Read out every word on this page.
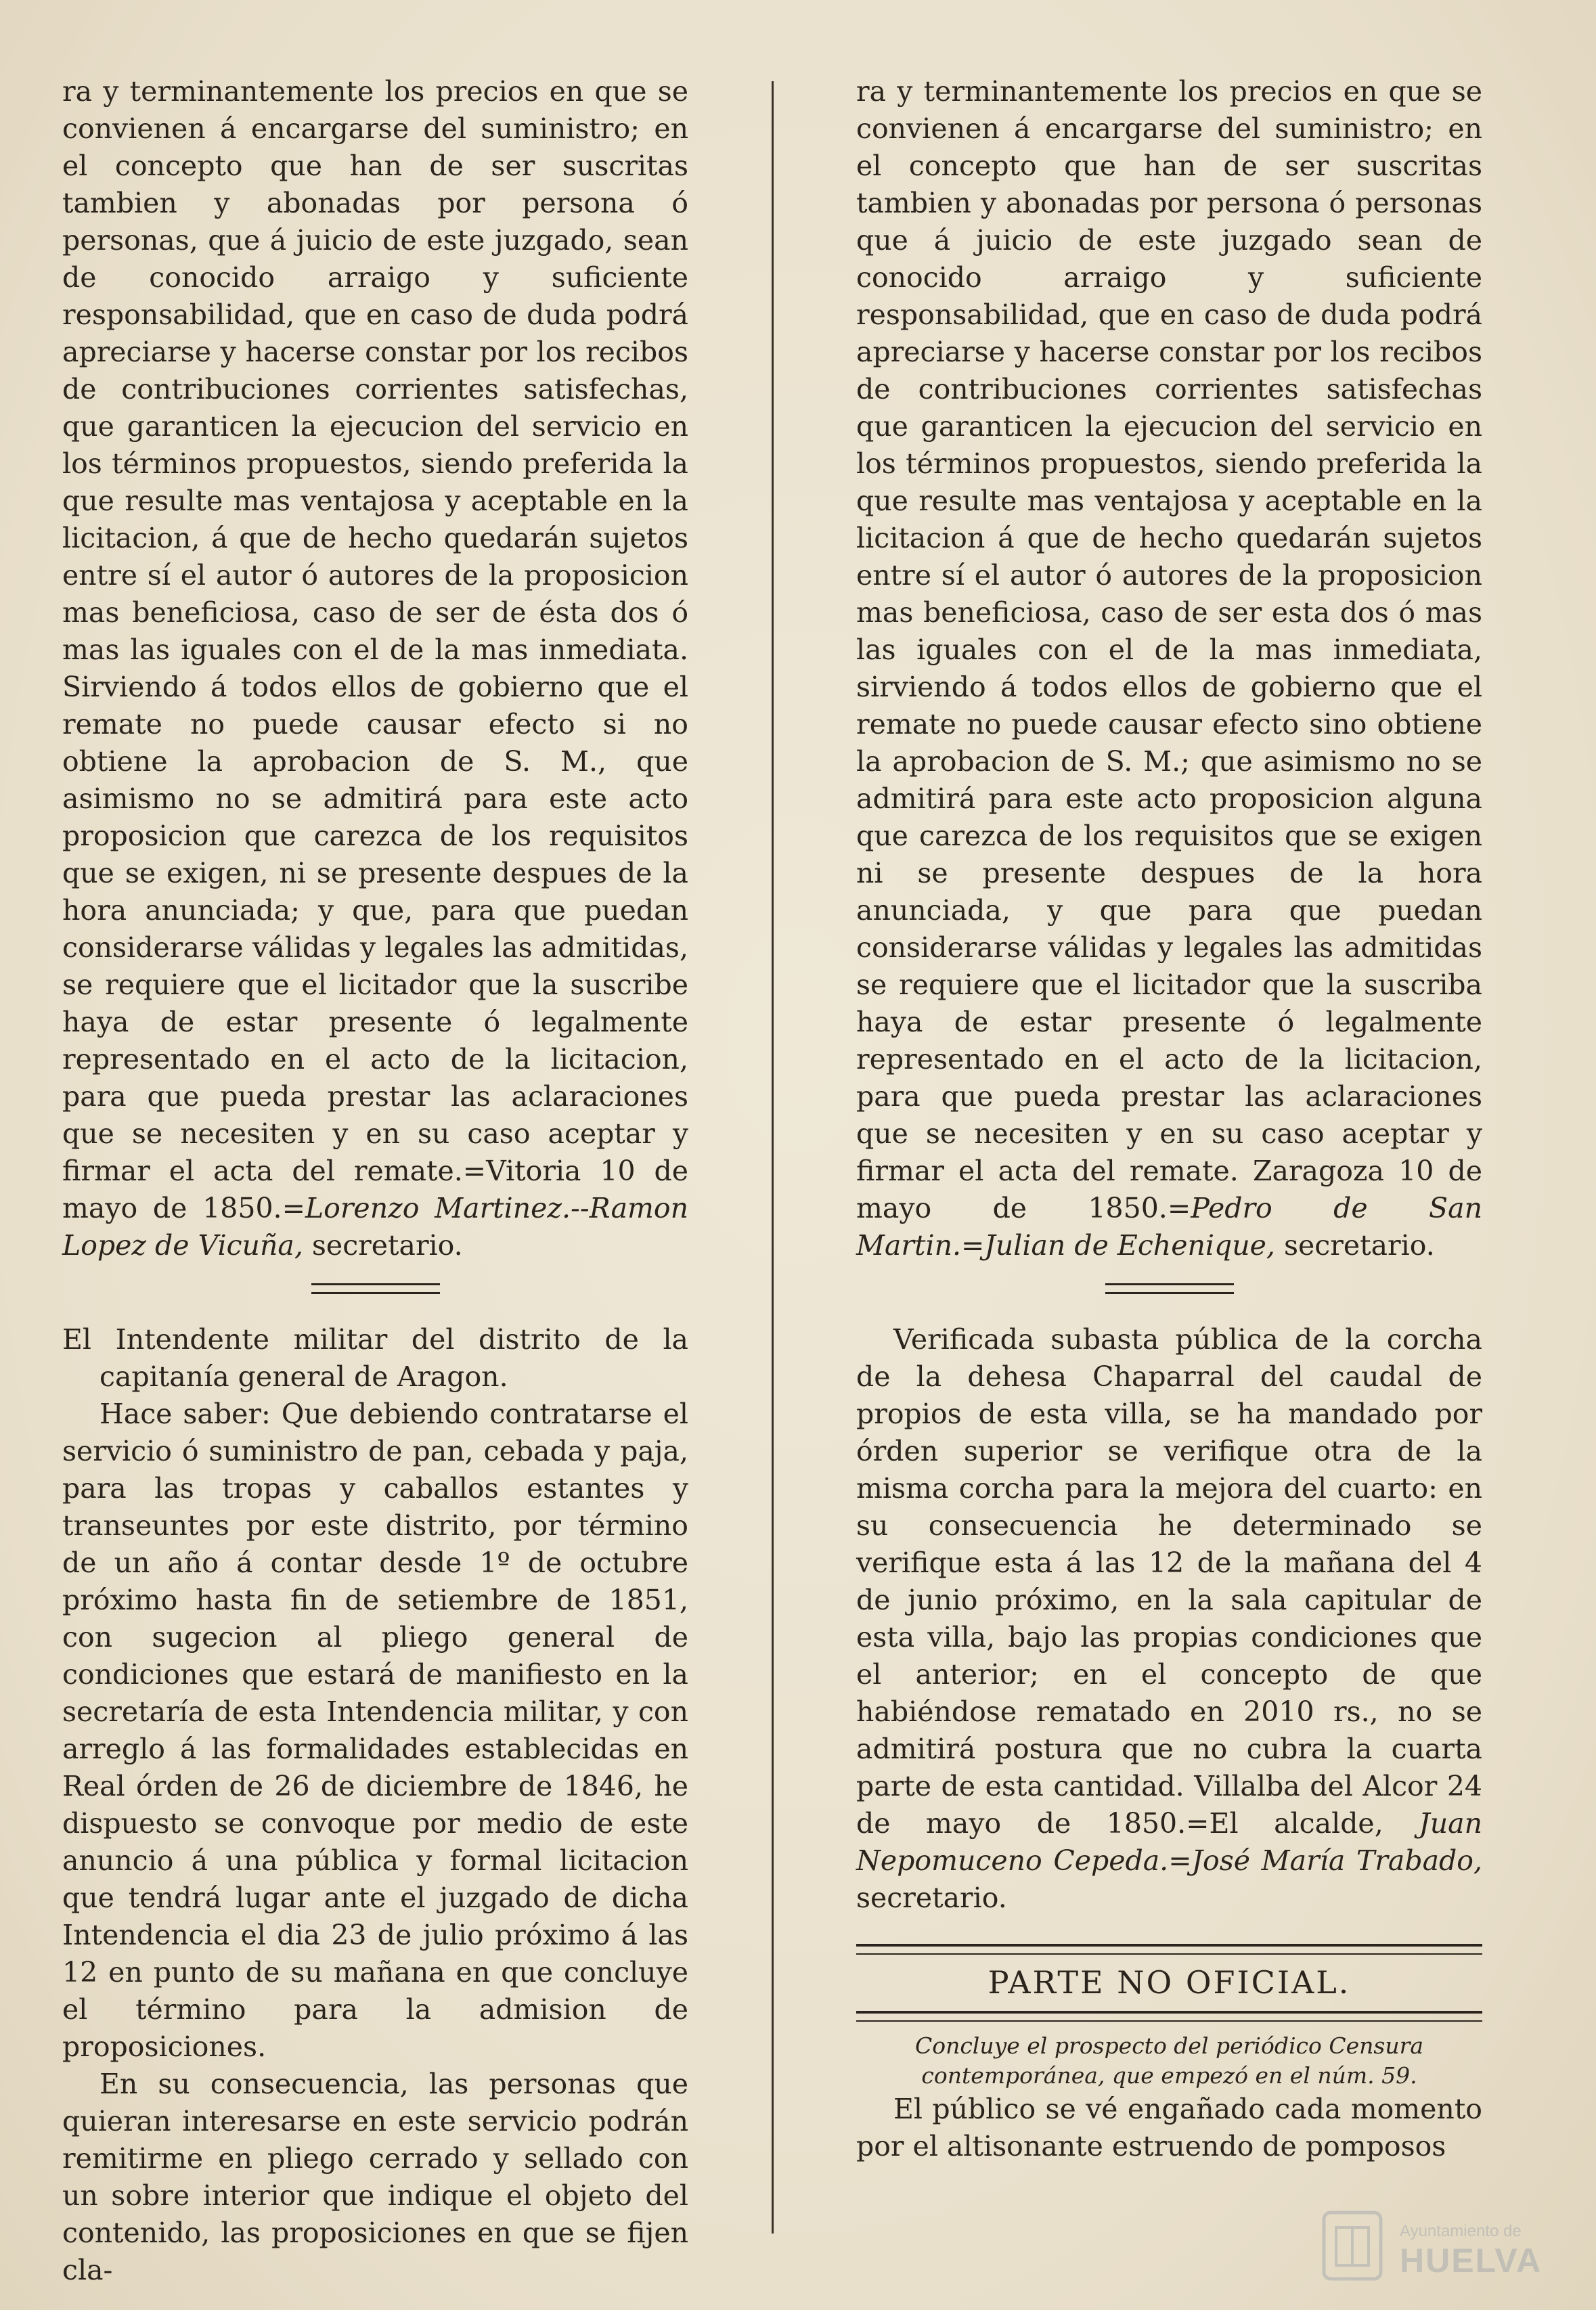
ra y terminantemente los precios en que se convienen á encargarse del suministro; en el concepto que han de ser suscritas tambien y abonadas por persona ó personas, que á juicio de este juzgado, sean de conocido arraigo y suficiente responsabilidad, que en caso de duda podrá apreciarse y hacerse constar por los recibos de contribuciones corrientes satisfechas, que garanticen la ejecucion del servicio en los términos propuestos, siendo preferida la que resulte mas ventajosa y aceptable en la licitacion, á que de hecho quedarán sujetos entre sí el autor ó autores de la proposicion mas beneficiosa, caso de ser de ésta dos ó mas las iguales con el de la mas inmediata. Sirviendo á todos ellos de gobierno que el remate no puede causar efecto si no obtiene la aprobacion de S. M., que asimismo no se admitirá para este acto proposicion que carezca de los requisitos que se exigen, ni se presente despues de la hora anunciada; y que, para que puedan considerarse válidas y legales las admitidas, se requiere que el licitador que la suscribe haya de estar presente ó legalmente representado en el acto de la licitacion, para que pueda prestar las aclaraciones que se necesiten y en su caso aceptar y firmar el acta del remate.=Vitoria 10 de mayo de 1850.=Lorenzo Martinez.--Ramon Lopez de Vicuña, secretario.

El Intendente militar del distrito de la capitanía general de Aragon.

Hace saber: Que debiendo contratarse el servicio ó suministro de pan, cebada y paja, para las tropas y caballos estantes y transeuntes por este distrito, por término de un año á contar desde 1º de octubre próximo hasta fin de setiembre de 1851, con sugecion al pliego general de condiciones que estará de manifiesto en la secretaría de esta Intendencia militar, y con arreglo á las formalidades establecidas en Real órden de 26 de diciembre de 1846, he dispuesto se convoque por medio de este anuncio á una pública y formal licitacion que tendrá lugar ante el juzgado de dicha Intendencia el dia 23 de julio próximo á las 12 en punto de su mañana en que concluye el término para la admision de proposiciones.

En su consecuencia, las personas que quieran interesarse en este servicio podrán remitirme en pliego cerrado y sellado con un sobre interior que indique el objeto del contenido, las proposiciones en que se fijen cla-

ra y terminantemente los precios en que se convienen á encargarse del suministro; en el concepto que han de ser suscritas tambien y abonadas por persona ó personas que á juicio de este juzgado sean de conocido arraigo y suficiente responsabilidad, que en caso de duda podrá apreciarse y hacerse constar por los recibos de contribuciones corrientes satisfechas que garanticen la ejecucion del servicio en los términos propuestos, siendo preferida la que resulte mas ventajosa y aceptable en la licitacion á que de hecho quedarán sujetos entre sí el autor ó autores de la proposicion mas beneficiosa, caso de ser esta dos ó mas las iguales con el de la mas inmediata, sirviendo á todos ellos de gobierno que el remate no puede causar efecto sino obtiene la aprobacion de S. M.; que asimismo no se admitirá para este acto proposicion alguna que carezca de los requisitos que se exigen ni se presente despues de la hora anunciada, y que para que puedan considerarse válidas y legales las admitidas se requiere que el licitador que la suscriba haya de estar presente ó legalmente representado en el acto de la licitacion, para que pueda prestar las aclaraciones que se necesiten y en su caso aceptar y firmar el acta del remate. Zaragoza 10 de mayo de 1850.=Pedro de San Martin.=Julian de Echenique, secretario.

Verificada subasta pública de la corcha de la dehesa Chaparral del caudal de propios de esta villa, se ha mandado por órden superior se verifique otra de la misma corcha para la mejora del cuarto: en su consecuencia he determinado se verifique esta á las 12 de la mañana del 4 de junio próximo, en la sala capitular de esta villa, bajo las propias condiciones que el anterior; en el concepto de que habiéndose rematado en 2010 rs., no se admitirá postura que no cubra la cuarta parte de esta cantidad. Villalba del Alcor 24 de mayo de 1850.=El alcalde, Juan Nepomuceno Cepeda.=José María Trabado, secretario.

PARTE NO OFICIAL.

Concluye el prospecto del periódico Censura contemporánea, que empezó en el núm. 59.

El público se vé engañado cada momento por el altisonante estruendo de pomposos

Ayuntamiento de
HUELVA
